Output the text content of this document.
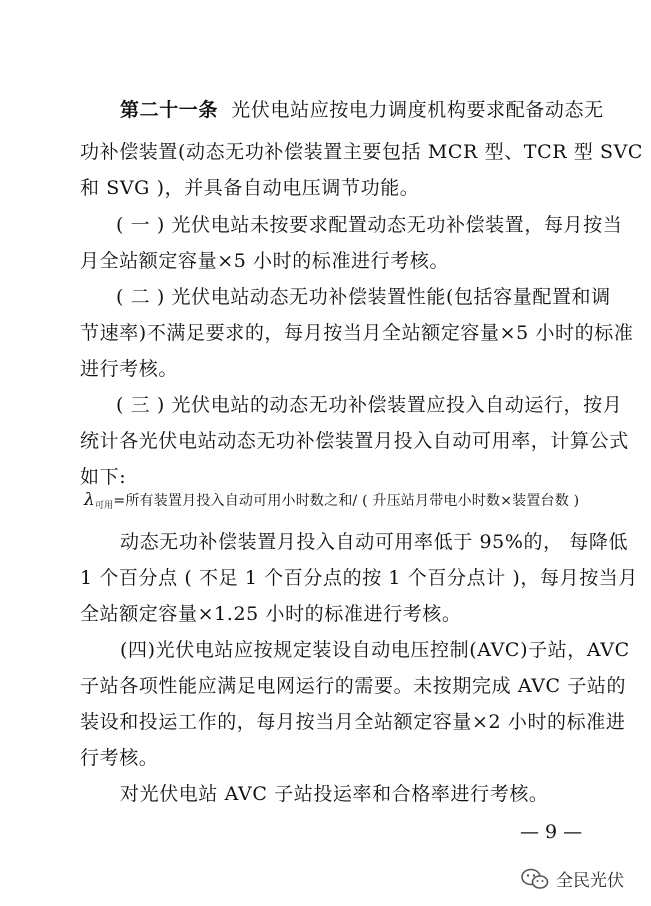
第二十一条 光伏电站应按电力调度机构要求配备动态无
功补偿装置(动态无功补偿装置主要包括 MCR 型、TCR 型 SVC
和 SVG )，并具备自动电压调节功能。
( 一 ) 光伏电站未按要求配置动态无功补偿装置，每月按当
月全站额定容量×5 小时的标准进行考核。
( 二 ) 光伏电站动态无功补偿装置性能(包括容量配置和调
节速率)不满足要求的，每月按当月全站额定容量×5 小时的标准
进行考核。
( 三 ) 光伏电站的动态无功补偿装置应投入自动运行，按月
统计各光伏电站动态无功补偿装置月投入自动可用率，计算公式
如下:
$\lambda_{可用}=$所有装置月投入自动可用小时数之和/ ( 升压站月带电小时数×装置台数 )
动态无功补偿装置月投入自动可用率低于 95%的， 每降低
1 个百分点 ( 不足 1 个百分点的按 1 个百分点计 )，每月按当月
全站额定容量×1.25 小时的标准进行考核。
(四)光伏电站应按规定装设自动电压控制(AVC)子站，AVC
子站各项性能应满足电网运行的需要。未按期完成 AVC 子站的
装设和投运工作的，每月按当月全站额定容量×2 小时的标准进
行考核。
对光伏电站 AVC 子站投运率和合格率进行考核。
— 9 —
全民光伏
